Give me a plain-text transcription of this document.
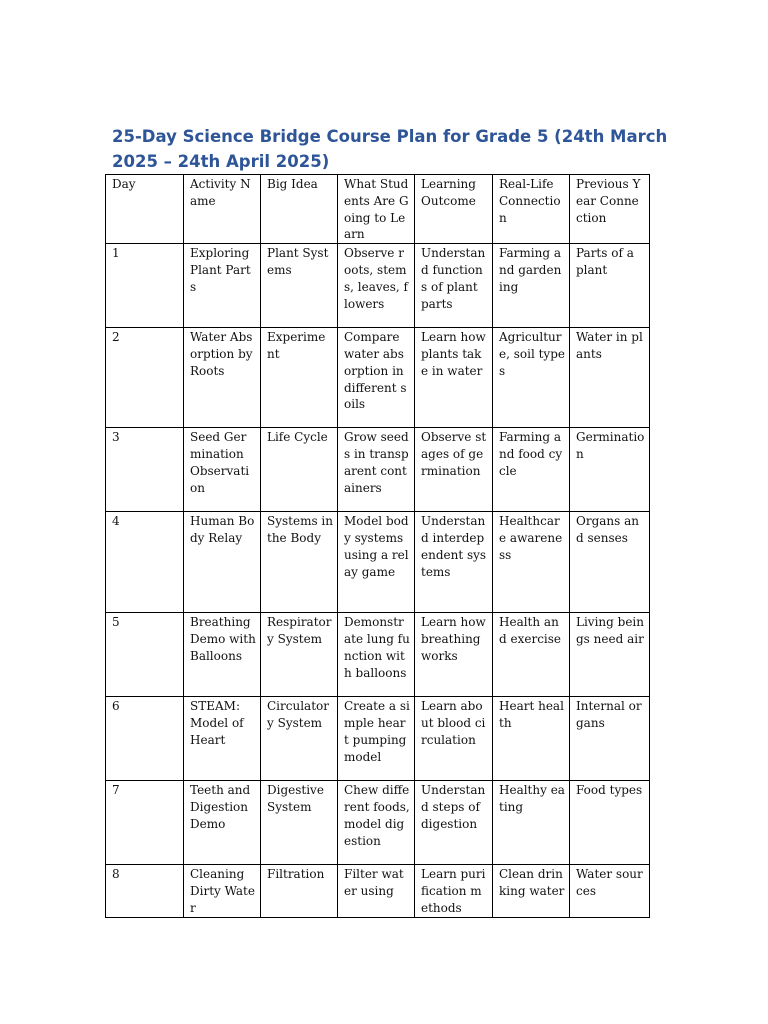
25-Day Science Bridge Course Plan for Grade 5 (24th March 2025 – 24th April 2025)
Day	Activity Name	Big Idea	What Students Are Going to Learn	Learning Outcome	Real-Life Connection	Previous Year Connection
1	Exploring Plant Parts	Plant Systems	Observe roots, stems, leaves, flowers	Understand functions of plant parts	Farming and gardening	Parts of a plant
2	Water Absorption by Roots	Experiment	Compare water absorption in different soils	Learn how plants take in water	Agriculture, soil types	Water in plants
3	Seed Germination Observation	Life Cycle	Grow seeds in transparent containers	Observe stages of germination	Farming and food cycle	Germination
4	Human Body Relay	Systems in the Body	Model body systems using a relay game	Understand interdependent systems	Healthcare awareness	Organs and senses
5	Breathing Demo with Balloons	Respiratory System	Demonstrate lung function with balloons	Learn how breathing works	Health and exercise	Living beings need air
6	STEAM: Model of Heart	Circulatory System	Create a simple heart pumping model	Learn about blood circulation	Heart health	Internal organs
7	Teeth and Digestion Demo	Digestive System	Chew different foods, model digestion	Understand steps of digestion	Healthy eating	Food types
8	Cleaning Dirty Water	Filtration	Filter water using	Learn purification methods	Clean drinking water	Water sources
